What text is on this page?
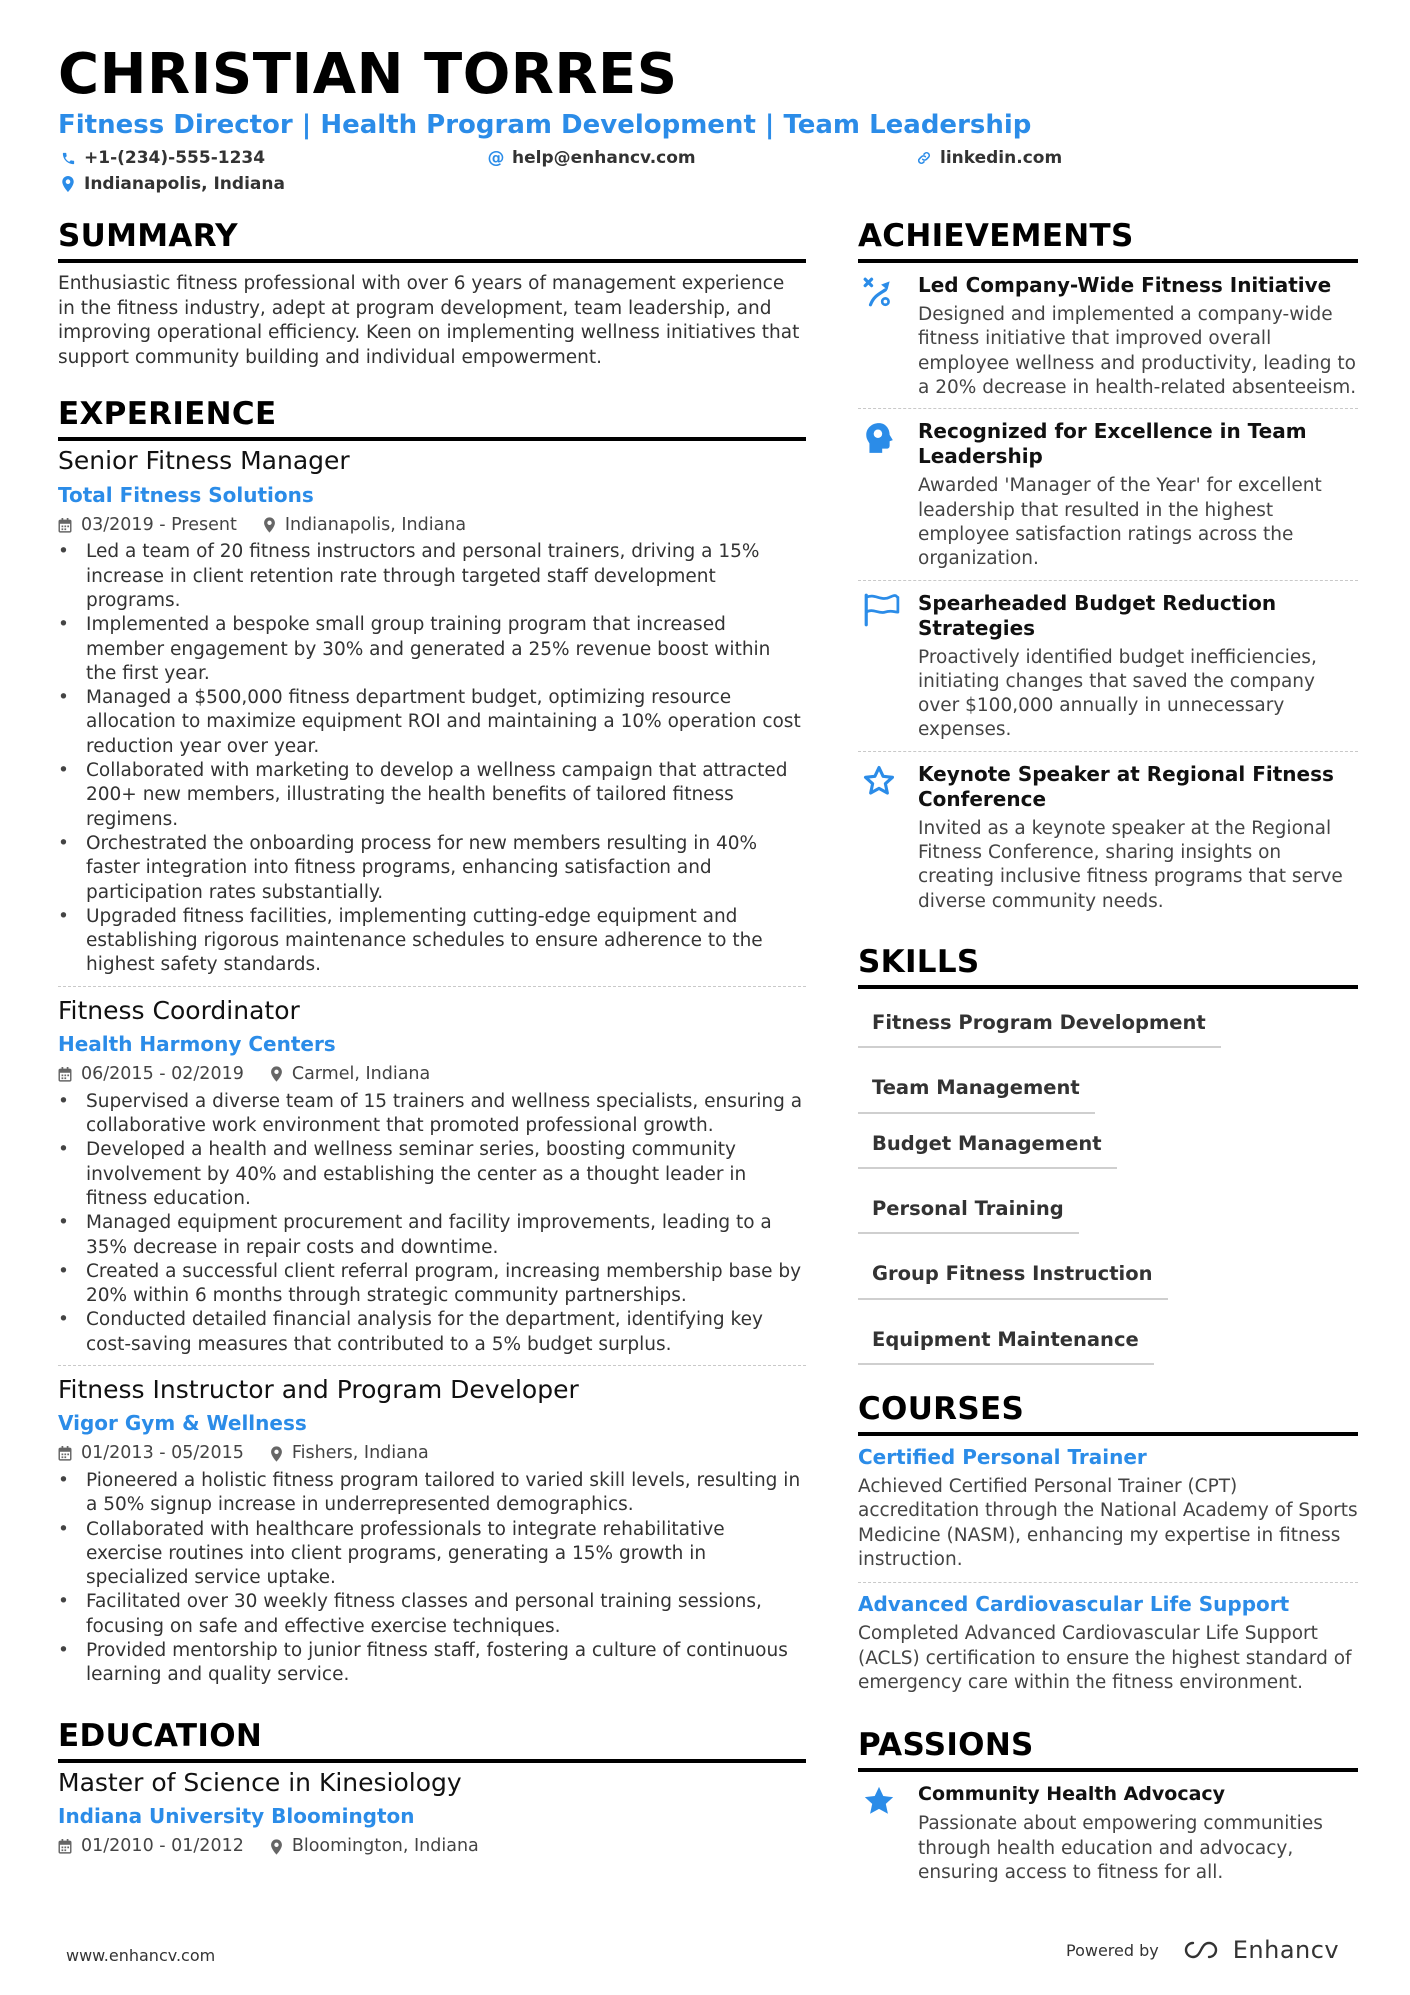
CHRISTIAN TORRES
Fitness Director | Health Program Development | Team Leadership
+1-(234)-555-1234	@ help@enhancv.com	linkedin.com
Indianapolis, Indiana
SUMMARY

Enthusiastic fitness professional with over 6 years of management experience in the fitness industry, adept at program development, team leadership, and improving operational efficiency. Keen on implementing wellness initiatives that support community building and individual empowerment.

EXPERIENCE
Senior Fitness Manager
Total Fitness Solutions
03/2019 - Present	Indianapolis, Indiana
• Led a team of 20 fitness instructors and personal trainers, driving a 15% increase in client retention rate through targeted staff development programs.
• Implemented a bespoke small group training program that increased member engagement by 30% and generated a 25% revenue boost within the first year.
• Managed a $500,000 fitness department budget, optimizing resource allocation to maximize equipment ROI and maintaining a 10% operation cost reduction year over year.
• Collaborated with marketing to develop a wellness campaign that attracted 200+ new members, illustrating the health benefits of tailored fitness regimens.
• Orchestrated the onboarding process for new members resulting in 40% faster integration into fitness programs, enhancing satisfaction and participation rates substantially.
• Upgraded fitness facilities, implementing cutting-edge equipment and establishing rigorous maintenance schedules to ensure adherence to the highest safety standards.
Fitness Coordinator
Health Harmony Centers
06/2015 - 02/2019	Carmel, Indiana
• Supervised a diverse team of 15 trainers and wellness specialists, ensuring a collaborative work environment that promoted professional growth.
• Developed a health and wellness seminar series, boosting community involvement by 40% and establishing the center as a thought leader in fitness education.
• Managed equipment procurement and facility improvements, leading to a 35% decrease in repair costs and downtime.
• Created a successful client referral program, increasing membership base by 20% within 6 months through strategic community partnerships.
• Conducted detailed financial analysis for the department, identifying key cost-saving measures that contributed to a 5% budget surplus.
Fitness Instructor and Program Developer
Vigor Gym & Wellness
01/2013 - 05/2015	Fishers, Indiana
• Pioneered a holistic fitness program tailored to varied skill levels, resulting in a 50% signup increase in underrepresented demographics.
• Collaborated with healthcare professionals to integrate rehabilitative exercise routines into client programs, generating a 15% growth in specialized service uptake.
• Facilitated over 30 weekly fitness classes and personal training sessions, focusing on safe and effective exercise techniques.
• Provided mentorship to junior fitness staff, fostering a culture of continuous learning and quality service.
EDUCATION
Master of Science in Kinesiology
Indiana University Bloomington
01/2010 - 01/2012	Bloomington, Indiana
ACHIEVEMENTS
Led Company-Wide Fitness Initiative
Designed and implemented a company-wide fitness initiative that improved overall employee wellness and productivity, leading to a 20% decrease in health-related absenteeism.
Recognized for Excellence in Team Leadership
Awarded 'Manager of the Year' for excellent leadership that resulted in the highest employee satisfaction ratings across the organization.
Spearheaded Budget Reduction Strategies
Proactively identified budget inefficiencies, initiating changes that saved the company over $100,000 annually in unnecessary expenses.
Keynote Speaker at Regional Fitness Conference
Invited as a keynote speaker at the Regional Fitness Conference, sharing insights on creating inclusive fitness programs that serve diverse community needs.
SKILLS
Fitness Program Development
Team Management
Budget Management
Personal Training
Group Fitness Instruction
Equipment Maintenance
COURSES
Certified Personal Trainer
Achieved Certified Personal Trainer (CPT) accreditation through the National Academy of Sports Medicine (NASM), enhancing my expertise in fitness instruction.
Advanced Cardiovascular Life Support
Completed Advanced Cardiovascular Life Support (ACLS) certification to ensure the highest standard of emergency care within the fitness environment.
PASSIONS
Community Health Advocacy
Passionate about empowering communities through health education and advocacy, ensuring access to fitness for all.
www.enhancv.com	Powered by	Enhancv
